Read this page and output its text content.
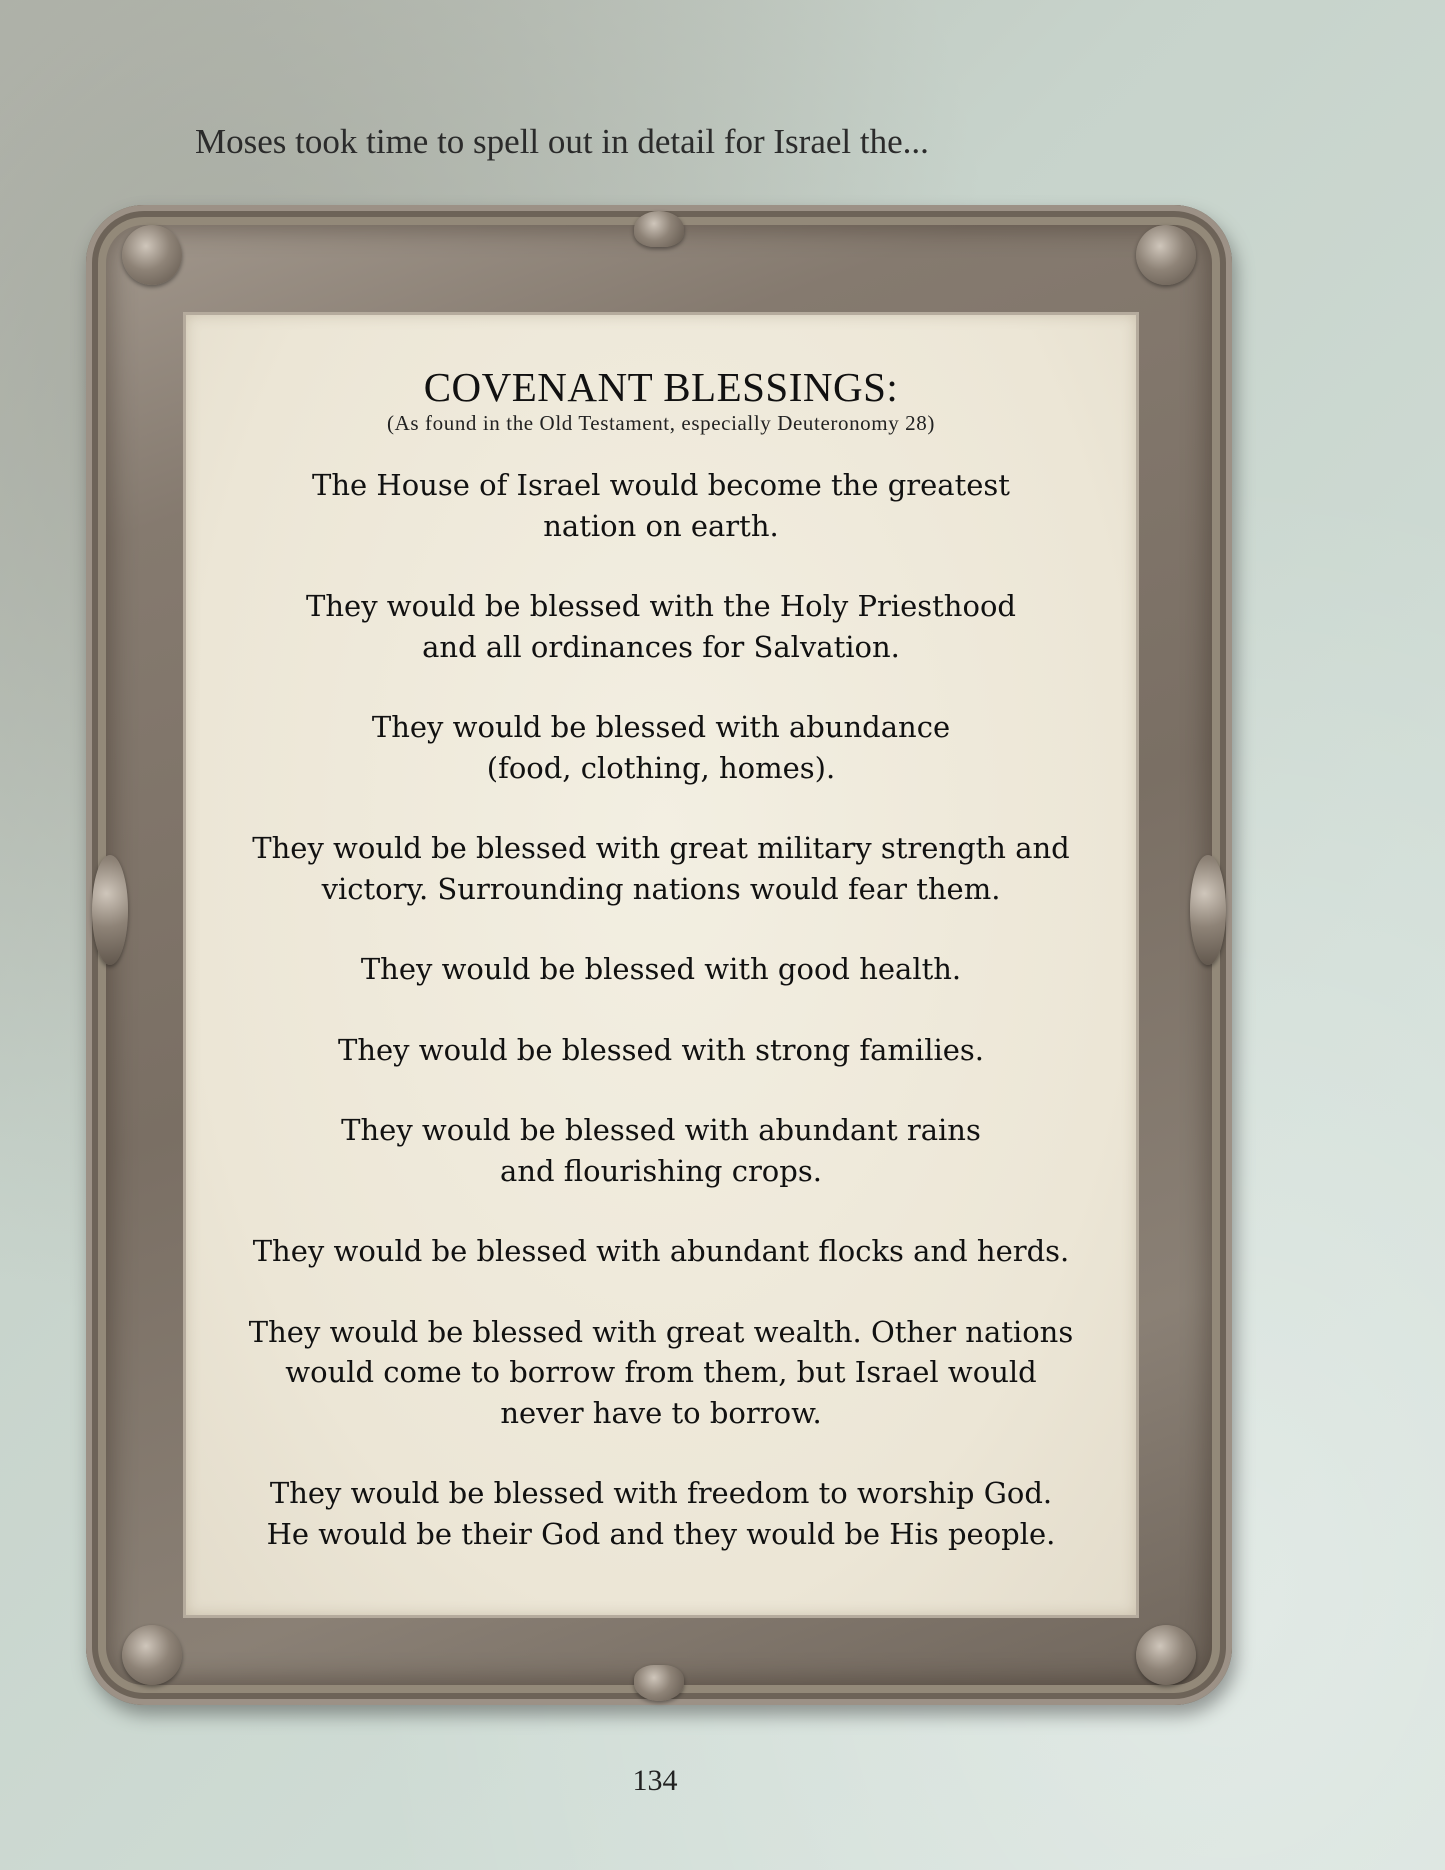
Moses took time to spell out in detail for Israel the...

COVENANT BLESSINGS:
(As found in the Old Testament, especially Deuteronomy 28)
The House of Israel would become the greatest
nation on earth.
They would be blessed with the Holy Priesthood
and all ordinances for Salvation.
They would be blessed with abundance
(food, clothing, homes).
They would be blessed with great military strength and
victory. Surrounding nations would fear them.
They would be blessed with good health.
They would be blessed with strong families.
They would be blessed with abundant rains
and flourishing crops.
They would be blessed with abundant flocks and herds.
They would be blessed with great wealth. Other nations
would come to borrow from them, but Israel would
never have to borrow.
They would be blessed with freedom to worship God.
He would be their God and they would be His people.
134
